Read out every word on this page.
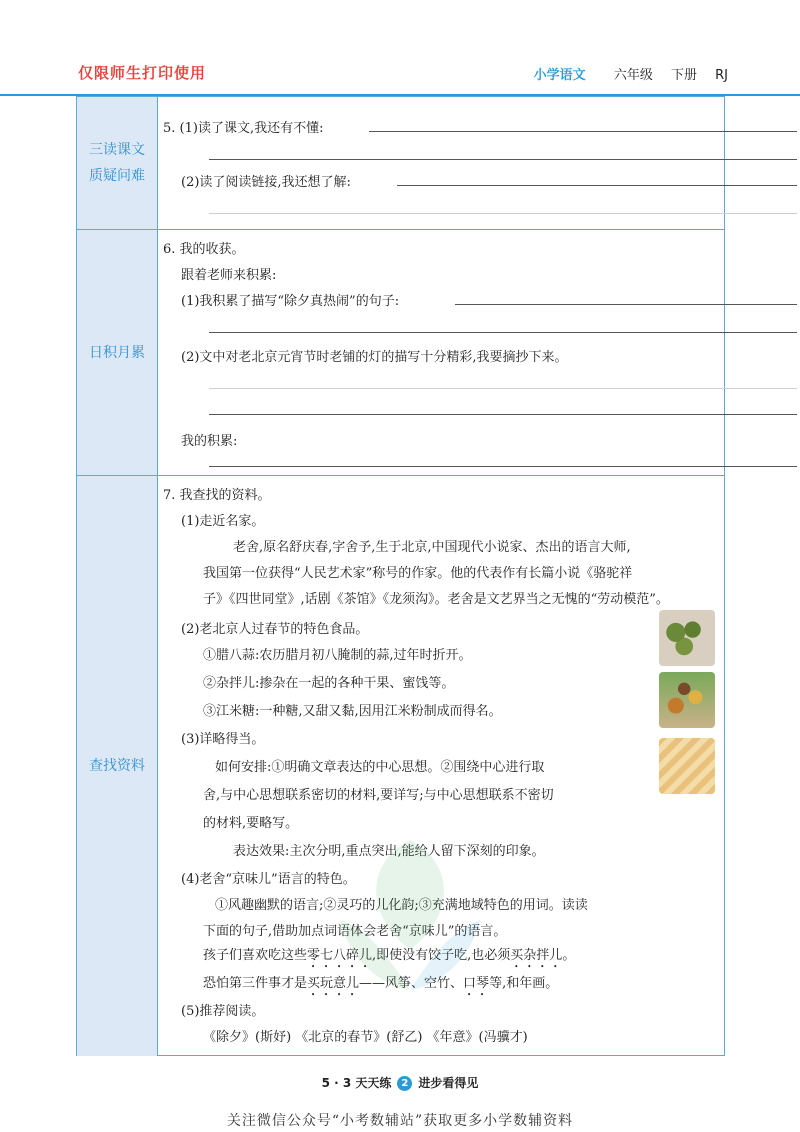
仅限师生打印使用	小学语文 六年级 下册 RJ
三读课文
质疑问难
5. (1)读了课文,我还有不懂:
(2)读了阅读链接,我还想了解:
日积月累
6. 我的收获。
跟着老师来积累:
(1)我积累了描写“除夕真热闹”的句子:
(2)文中对老北京元宵节时老铺的灯的描写十分精彩,我要摘抄下来。
我的积累:
查找资料
7. 我查找的资料。
(1)走近名家。
老舍,原名舒庆春,字舍予,生于北京,中国现代小说家、杰出的语言大师,
我国第一位获得“人民艺术家”称号的作家。他的代表作有长篇小说《骆驼祥
子》《四世同堂》,话剧《茶馆》《龙须沟》。老舍是文艺界当之无愧的“劳动模范”。
(2)老北京人过春节的特色食品。
①腊八蒜:农历腊月初八腌制的蒜,过年时折开。
②杂拌儿:掺杂在一起的各种干果、蜜饯等。
③江米糖:一种糖,又甜又黏,因用江米粉制成而得名。
(3)详略得当。
如何安排:①明确文章表达的中心思想。②围绕中心进行取
舍,与中心思想联系密切的材料,要详写;与中心思想联系不密切
的材料,要略写。
表达效果:主次分明,重点突出,能给人留下深刻的印象。
(4)老舍“京味儿”语言的特色。
①风趣幽默的语言;②灵巧的儿化韵;③充满地域特色的用词。读读
下面的句子,借助加点词语体会老舍“京味儿”的语言。
孩子们喜欢吃这些零七八碎儿,即使没有饺子吃,也必须买杂拌儿。
恐怕第三件事才是买玩意儿——风筝、空竹、口琴等,和年画。
(5)推荐阅读。
《除夕》(斯妤) 《北京的春节》(舒乙) 《年意》(冯骥才)
5 · 3 天天练 2 进步看得见
关注微信公众号“小考数辅站”获取更多小学数辅资料
